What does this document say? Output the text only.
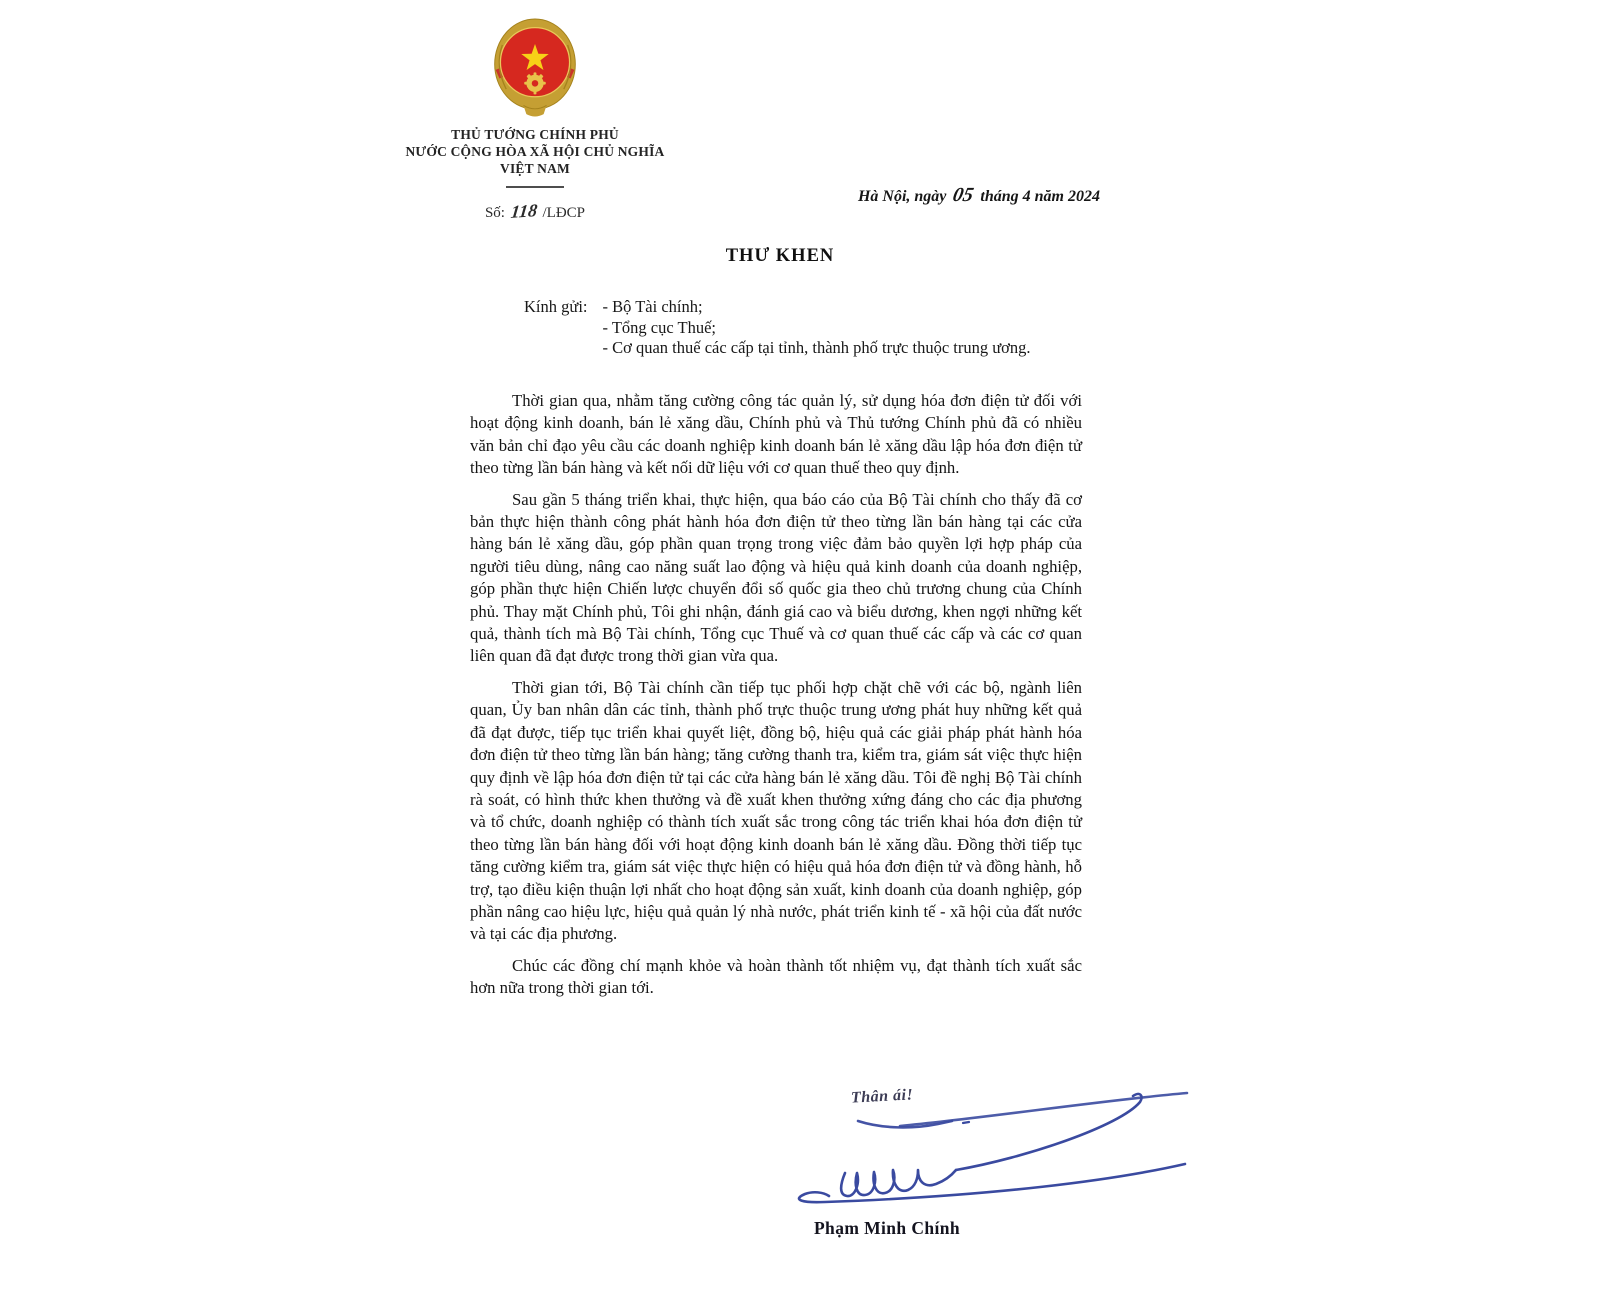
THỦ TƯỚNG CHÍNH PHỦ
NƯỚC CỘNG HÒA XÃ HỘI CHỦ NGHĨA
VIỆT NAM
Số: 118 /LĐCP
Hà Nội, ngày 05 tháng 4 năm 2024
THƯ KHEN
Kính gửi: - Bộ Tài chính;
- Tổng cục Thuế;
- Cơ quan thuế các cấp tại tỉnh, thành phố trực thuộc trung ương.

Thời gian qua, nhằm tăng cường công tác quản lý, sử dụng hóa đơn điện tử đối với hoạt động kinh doanh, bán lẻ xăng dầu, Chính phủ và Thủ tướng Chính phủ đã có nhiều văn bản chỉ đạo yêu cầu các doanh nghiệp kinh doanh bán lẻ xăng dầu lập hóa đơn điện tử theo từng lần bán hàng và kết nối dữ liệu với cơ quan thuế theo quy định.

Sau gần 5 tháng triển khai, thực hiện, qua báo cáo của Bộ Tài chính cho thấy đã cơ bản thực hiện thành công phát hành hóa đơn điện tử theo từng lần bán hàng tại các cửa hàng bán lẻ xăng dầu, góp phần quan trọng trong việc đảm bảo quyền lợi hợp pháp của người tiêu dùng, nâng cao năng suất lao động và hiệu quả kinh doanh của doanh nghiệp, góp phần thực hiện Chiến lược chuyển đổi số quốc gia theo chủ trương chung của Chính phủ. Thay mặt Chính phủ, Tôi ghi nhận, đánh giá cao và biểu dương, khen ngợi những kết quả, thành tích mà Bộ Tài chính, Tổng cục Thuế và cơ quan thuế các cấp và các cơ quan liên quan đã đạt được trong thời gian vừa qua.

Thời gian tới, Bộ Tài chính cần tiếp tục phối hợp chặt chẽ với các bộ, ngành liên quan, Ủy ban nhân dân các tỉnh, thành phố trực thuộc trung ương phát huy những kết quả đã đạt được, tiếp tục triển khai quyết liệt, đồng bộ, hiệu quả các giải pháp phát hành hóa đơn điện tử theo từng lần bán hàng; tăng cường thanh tra, kiểm tra, giám sát việc thực hiện quy định về lập hóa đơn điện tử tại các cửa hàng bán lẻ xăng dầu. Tôi đề nghị Bộ Tài chính rà soát, có hình thức khen thưởng và đề xuất khen thưởng xứng đáng cho các địa phương và tổ chức, doanh nghiệp có thành tích xuất sắc trong công tác triển khai hóa đơn điện tử theo từng lần bán hàng đối với hoạt động kinh doanh bán lẻ xăng dầu. Đồng thời tiếp tục tăng cường kiểm tra, giám sát việc thực hiện có hiệu quả hóa đơn điện tử và đồng hành, hỗ trợ, tạo điều kiện thuận lợi nhất cho hoạt động sản xuất, kinh doanh của doanh nghiệp, góp phần nâng cao hiệu lực, hiệu quả quản lý nhà nước, phát triển kinh tế - xã hội của đất nước và tại các địa phương.

Chúc các đồng chí mạnh khỏe và hoàn thành tốt nhiệm vụ, đạt thành tích xuất sắc hơn nữa trong thời gian tới.

Thân ái!
Phạm Minh Chính
